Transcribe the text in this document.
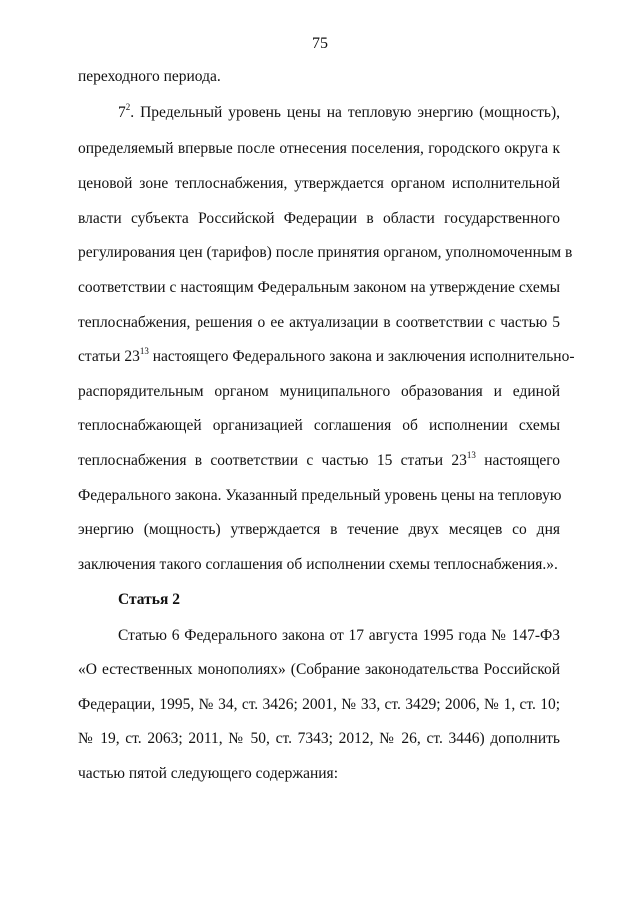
75
переходного периода.
$7^2$. Предельный уровень цены на тепловую энергию (мощность),
определяемый впервые после отнесения поселения, городского округа к
ценовой зоне теплоснабжения, утверждается органом исполнительной
власти субъекта Российской Федерации в области государственного
регулирования цен (тарифов) после принятия органом, уполномоченным в
соответствии с настоящим Федеральным законом на утверждение схемы
теплоснабжения, решения о ее актуализации в соответствии с частью 5
статьи $23^{13}$ настоящего Федерального закона и заключения исполнительно-
распорядительным органом муниципального образования и единой
теплоснабжающей организацией соглашения об исполнении схемы
теплоснабжения в соответствии с частью 15 статьи $23^{13}$ настоящего
Федерального закона. Указанный предельный уровень цены на тепловую
энергию (мощность) утверждается в течение двух месяцев со дня
заключения такого соглашения об исполнении схемы теплоснабжения.».
Статья 2
Статью 6 Федерального закона от 17 августа 1995 года № 147-ФЗ
«О естественных монополиях» (Собрание законодательства Российской
Федерации, 1995, № 34, ст. 3426; 2001, № 33, ст. 3429; 2006, № 1, ст. 10;
№ 19, ст. 2063; 2011, № 50, ст. 7343; 2012, № 26, ст. 3446) дополнить
частью пятой следующего содержания:
